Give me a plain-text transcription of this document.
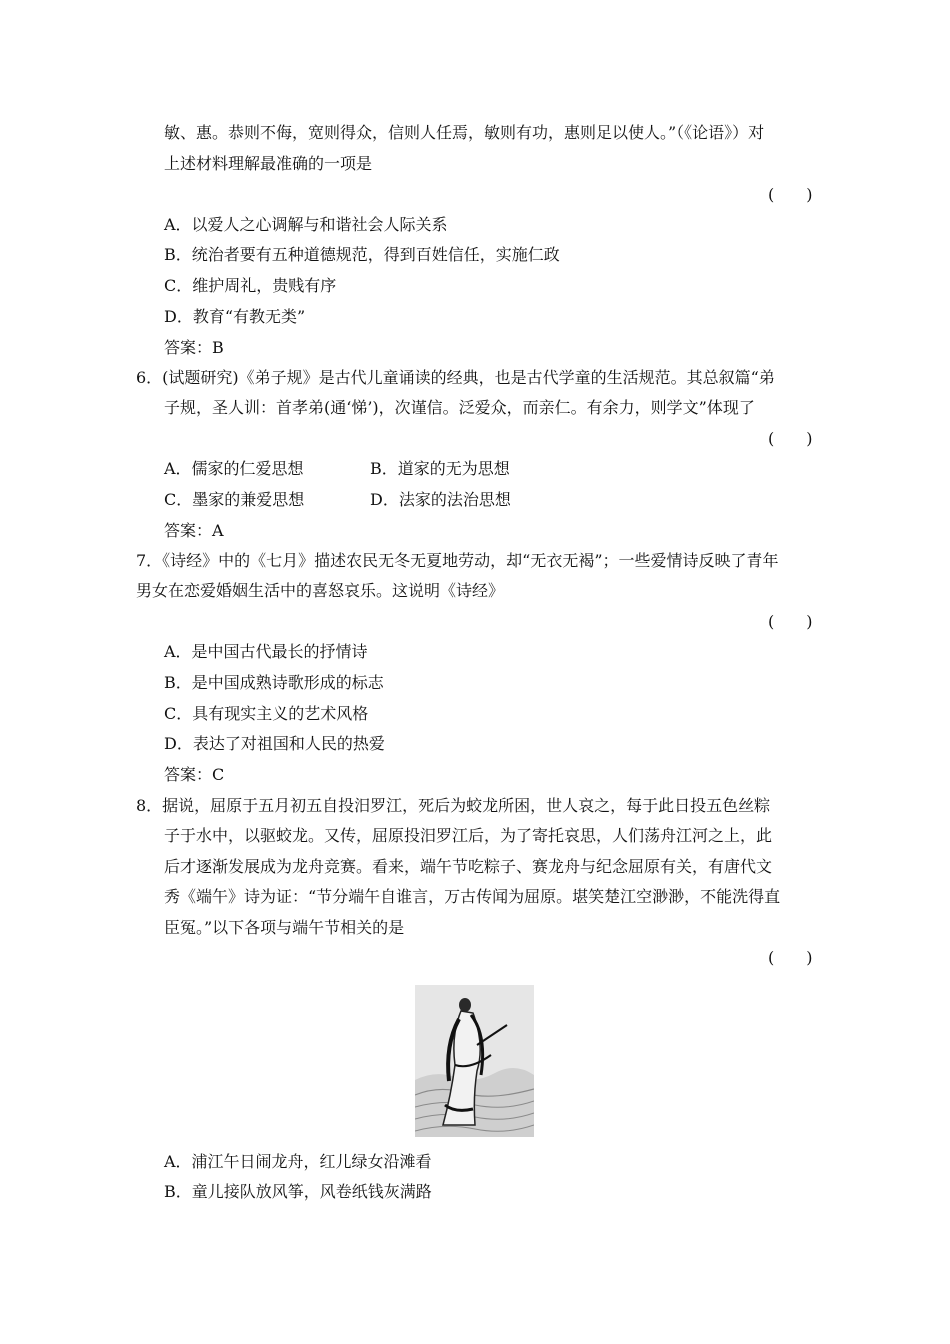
敏、惠。恭则不侮，宽则得众，信则人任焉，敏则有功，惠则足以使人。”（《论语》）对
上述材料理解最准确的一项是
(　　)
A．以爱人之心调解与和谐社会人际关系
B．统治者要有五种道德规范，得到百姓信任，实施仁政
C．维护周礼，贵贱有序
D．教育“有教无类”
答案：B
6．(试题研究)《弟子规》是古代儿童诵读的经典，也是古代学童的生活规范。其总叙篇“弟
子规，圣人训：首孝弟(通‘悌’)，次谨信。泛爱众，而亲仁。有余力，则学文”体现了
(　　)
A．儒家的仁爱思想	B．道家的无为思想
C．墨家的兼爱思想	D．法家的法治思想
答案：A
7．《诗经》中的《七月》描述农民无冬无夏地劳动，却“无衣无褐”；一些爱情诗反映了青年
男女在恋爱婚姻生活中的喜怒哀乐。这说明《诗经》
(　　)
A．是中国古代最长的抒情诗
B．是中国成熟诗歌形成的标志
C．具有现实主义的艺术风格
D．表达了对祖国和人民的热爱
答案：C
8．据说，屈原于五月初五自投汨罗江，死后为蛟龙所困，世人哀之，每于此日投五色丝粽
子于水中，以驱蛟龙。又传，屈原投汨罗江后，为了寄托哀思，人们荡舟江河之上，此
后才逐渐发展成为龙舟竞赛。看来，端午节吃粽子、赛龙舟与纪念屈原有关，有唐代文
秀《端午》诗为证：“节分端午自谁言，万古传闻为屈原。堪笑楚江空渺渺，不能洗得直
臣冤。”以下各项与端午节相关的是
(　　)
A．浦江午日闹龙舟，红儿绿女沿滩看
B．童儿接队放风筝，风卷纸钱灰满路
